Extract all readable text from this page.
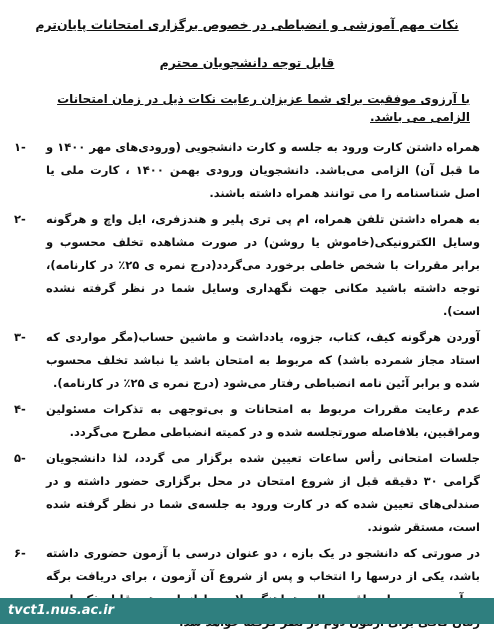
نکات مهم آموزشی و انضباطی در خصوص برگزاری امتحانات پایان‌ترم
قابل توجه دانشجویان محترم
با آرزوی موفقیت برای شما عزیزان رعایت نکات ذیل در زمان امتحانات الزامی می باشد.
-۱	همراه داشتن کارت ورود به جلسه و کارت دانشجویی (ورودی‌های مهر ۱۴۰۰ و ما قبل آن) الزامی می‌باشد. دانشجویان ورودی بهمن ۱۴۰۰ ، کارت ملی یا اصل شناسنامه را می توانند همراه داشته باشند.
-۲	به همراه داشتن تلفن همراه، ام پی تری پلیر و هندزفری، ایل واچ و هرگونه وسایل الکترونیکی(خاموش یا روشن) در صورت مشاهده تخلف محسوب و برابر مقررات با شخص خاطی برخورد می‌گردد(درج نمره ی ۲۵٪ در کارنامه)، توجه داشته باشید مکانی جهت نگهداری وسایل شما در نظر گرفته نشده است).
-۳	آوردن هرگونه کیف، کتاب، جزوه، یادداشت و ماشین حساب(مگر مواردی که استاد مجاز شمرده باشد) که مربوط به امتحان باشد یا نباشد تخلف محسوب شده و برابر آئین نامه انضباطی رفتار می‌شود (درج نمره ی ۲۵٪ در کارنامه).
-۴	عدم رعایت مقررات مربوط به امتحانات و بی‌توجهی به تذکرات مسئولین ومراقبین، بلافاصله صورتجلسه شده و در کمیته انضباطی مطرح می‌گردد.
-۵	جلسات امتحانی رأس ساعات تعیین شده برگزار می گردد، لذا دانشجویان گرامی ۳۰ دقیقه قبل از شروع امتحان در محل برگزاری حضور داشته و در صندلی‌های تعیین شده که در کارت ورود به جلسه‌ی شما در نظر گرفته شده است، مستقر شوند.
-۶	در صورتی که دانشجو در یک بازه ، دو عنوان درسی با آزمون حضوری داشته باشد، یکی از درسها را انتخاب و پس از شروع آن آزمون ، برای دریافت برگه
tvct1.nus.ac.ir
